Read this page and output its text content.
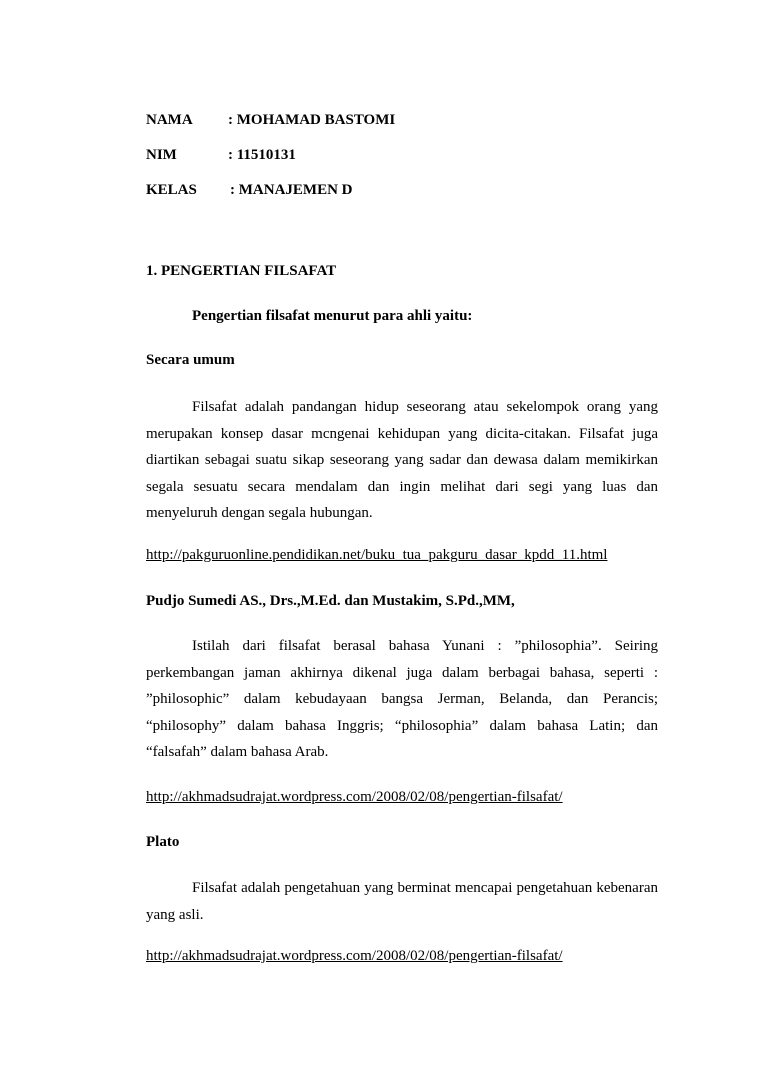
NAMA : MOHAMAD BASTOMI
NIM	: 11510131
KELAS : MANAJEMEN D
1. PENGERTIAN FILSAFAT
Pengertian filsafat menurut para ahli yaitu:
Secara umum

Filsafat adalah pandangan hidup seseorang atau sekelompok orang yang merupakan konsep dasar mcngenai kehidupan yang dicita-citakan. Filsafat juga diartikan sebagai suatu sikap seseorang yang sadar dan dewasa dalam memikirkan segala sesuatu secara mendalam dan ingin melihat dari segi yang luas dan menyeluruh dengan segala hubungan.

http://pakguruonline.pendidikan.net/buku_tua_pakguru_dasar_kpdd_11.html
Pudjo Sumedi AS., Drs.,M.Ed. dan Mustakim, S.Pd.,MM,

Istilah dari filsafat berasal bahasa Yunani : ”philosophia”. Seiring perkembangan jaman akhirnya dikenal juga dalam berbagai bahasa, seperti : ”philosophic” dalam kebudayaan bangsa Jerman, Belanda, dan Perancis; “philosophy” dalam bahasa Inggris; “philosophia” dalam bahasa Latin; dan “falsafah” dalam bahasa Arab.

http://akhmadsudrajat.wordpress.com/2008/02/08/pengertian-filsafat/
Plato

Filsafat adalah pengetahuan yang berminat mencapai pengetahuan kebenaran yang asli.

http://akhmadsudrajat.wordpress.com/2008/02/08/pengertian-filsafat/
